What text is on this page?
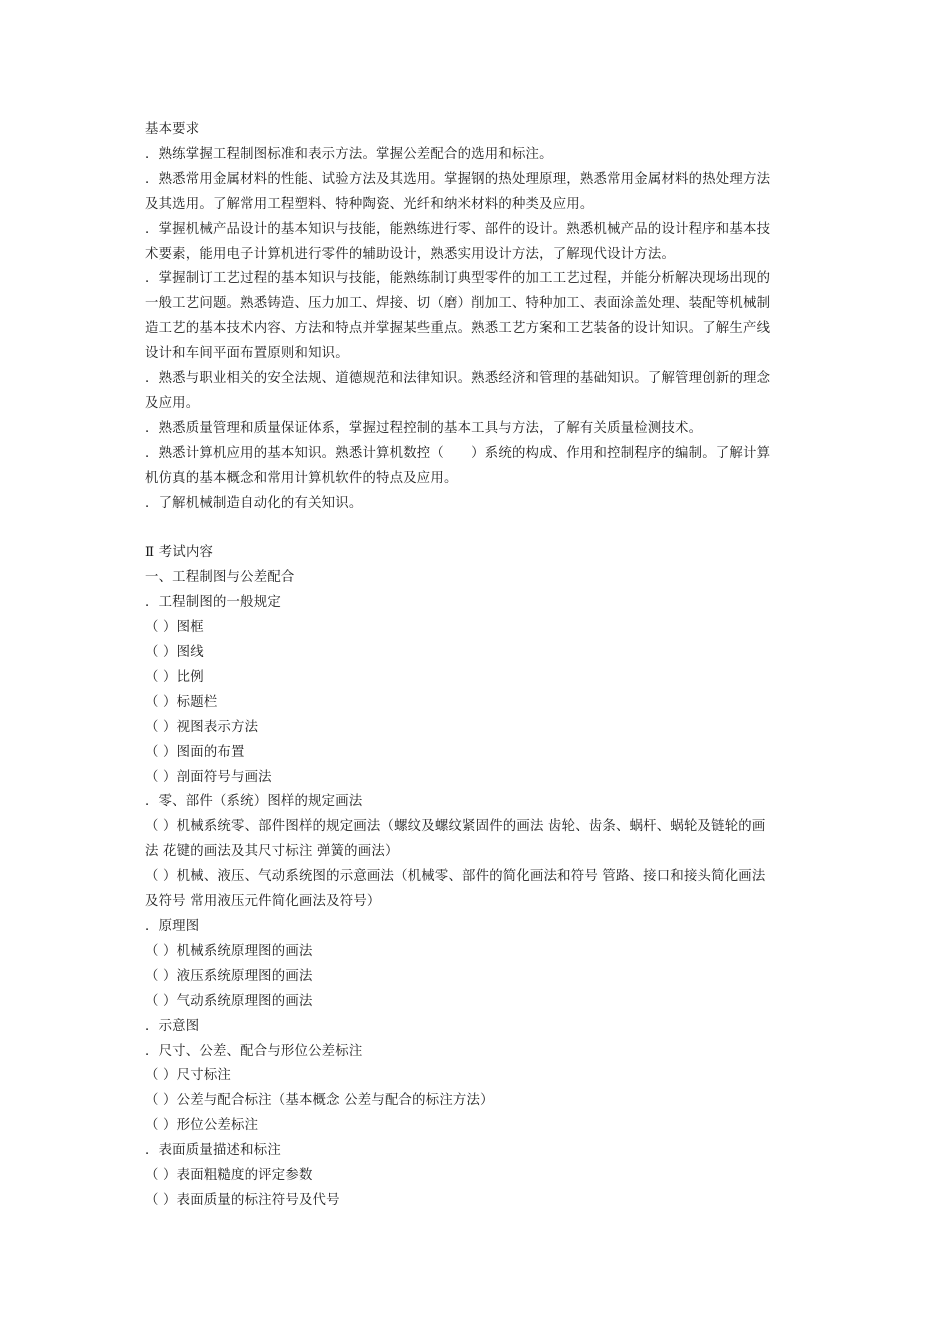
基本要求
．熟练掌握工程制图标准和表示方法。掌握公差配合的选用和标注。
．熟悉常用金属材料的性能、试验方法及其选用。掌握钢的热处理原理，熟悉常用金属材料的热处理方法
及其选用。了解常用工程塑料、特种陶瓷、光纤和纳米材料的种类及应用。
．掌握机械产品设计的基本知识与技能，能熟练进行零、部件的设计。熟悉机械产品的设计程序和基本技
术要素，能用电子计算机进行零件的辅助设计，熟悉实用设计方法，了解现代设计方法。
．掌握制订工艺过程的基本知识与技能，能熟练制订典型零件的加工工艺过程，并能分析解决现场出现的
一般工艺问题。熟悉铸造、压力加工、焊接、切（磨）削加工、特种加工、表面涂盖处理、装配等机械制
造工艺的基本技术内容、方法和特点并掌握某些重点。熟悉工艺方案和工艺装备的设计知识。了解生产线
设计和车间平面布置原则和知识。
．熟悉与职业相关的安全法规、道德规范和法律知识。熟悉经济和管理的基础知识。了解管理创新的理念
及应用。
．熟悉质量管理和质量保证体系，掌握过程控制的基本工具与方法，了解有关质量检测技术。
．熟悉计算机应用的基本知识。熟悉计算机数控（　　）系统的构成、作用和控制程序的编制。了解计算
机仿真的基本概念和常用计算机软件的特点及应用。
．了解机械制造自动化的有关知识。
Ⅱ 考试内容
一、工程制图与公差配合
．工程制图的一般规定
（ ）图框
（ ）图线
（ ）比例
（ ）标题栏
（ ）视图表示方法
（ ）图面的布置
（ ）剖面符号与画法
．零、部件（系统）图样的规定画法
（ ）机械系统零、部件图样的规定画法（螺纹及螺纹紧固件的画法 齿轮、齿条、蜗杆、蜗轮及链轮的画
法 花键的画法及其尺寸标注 弹簧的画法）
（ ）机械、液压、气动系统图的示意画法（机械零、部件的简化画法和符号 管路、接口和接头简化画法
及符号 常用液压元件简化画法及符号）
．原理图
（ ）机械系统原理图的画法
（ ）液压系统原理图的画法
（ ）气动系统原理图的画法
．示意图
．尺寸、公差、配合与形位公差标注
（ ）尺寸标注
（ ）公差与配合标注（基本概念 公差与配合的标注方法）
（ ）形位公差标注
．表面质量描述和标注
（ ）表面粗糙度的评定参数
（ ）表面质量的标注符号及代号
